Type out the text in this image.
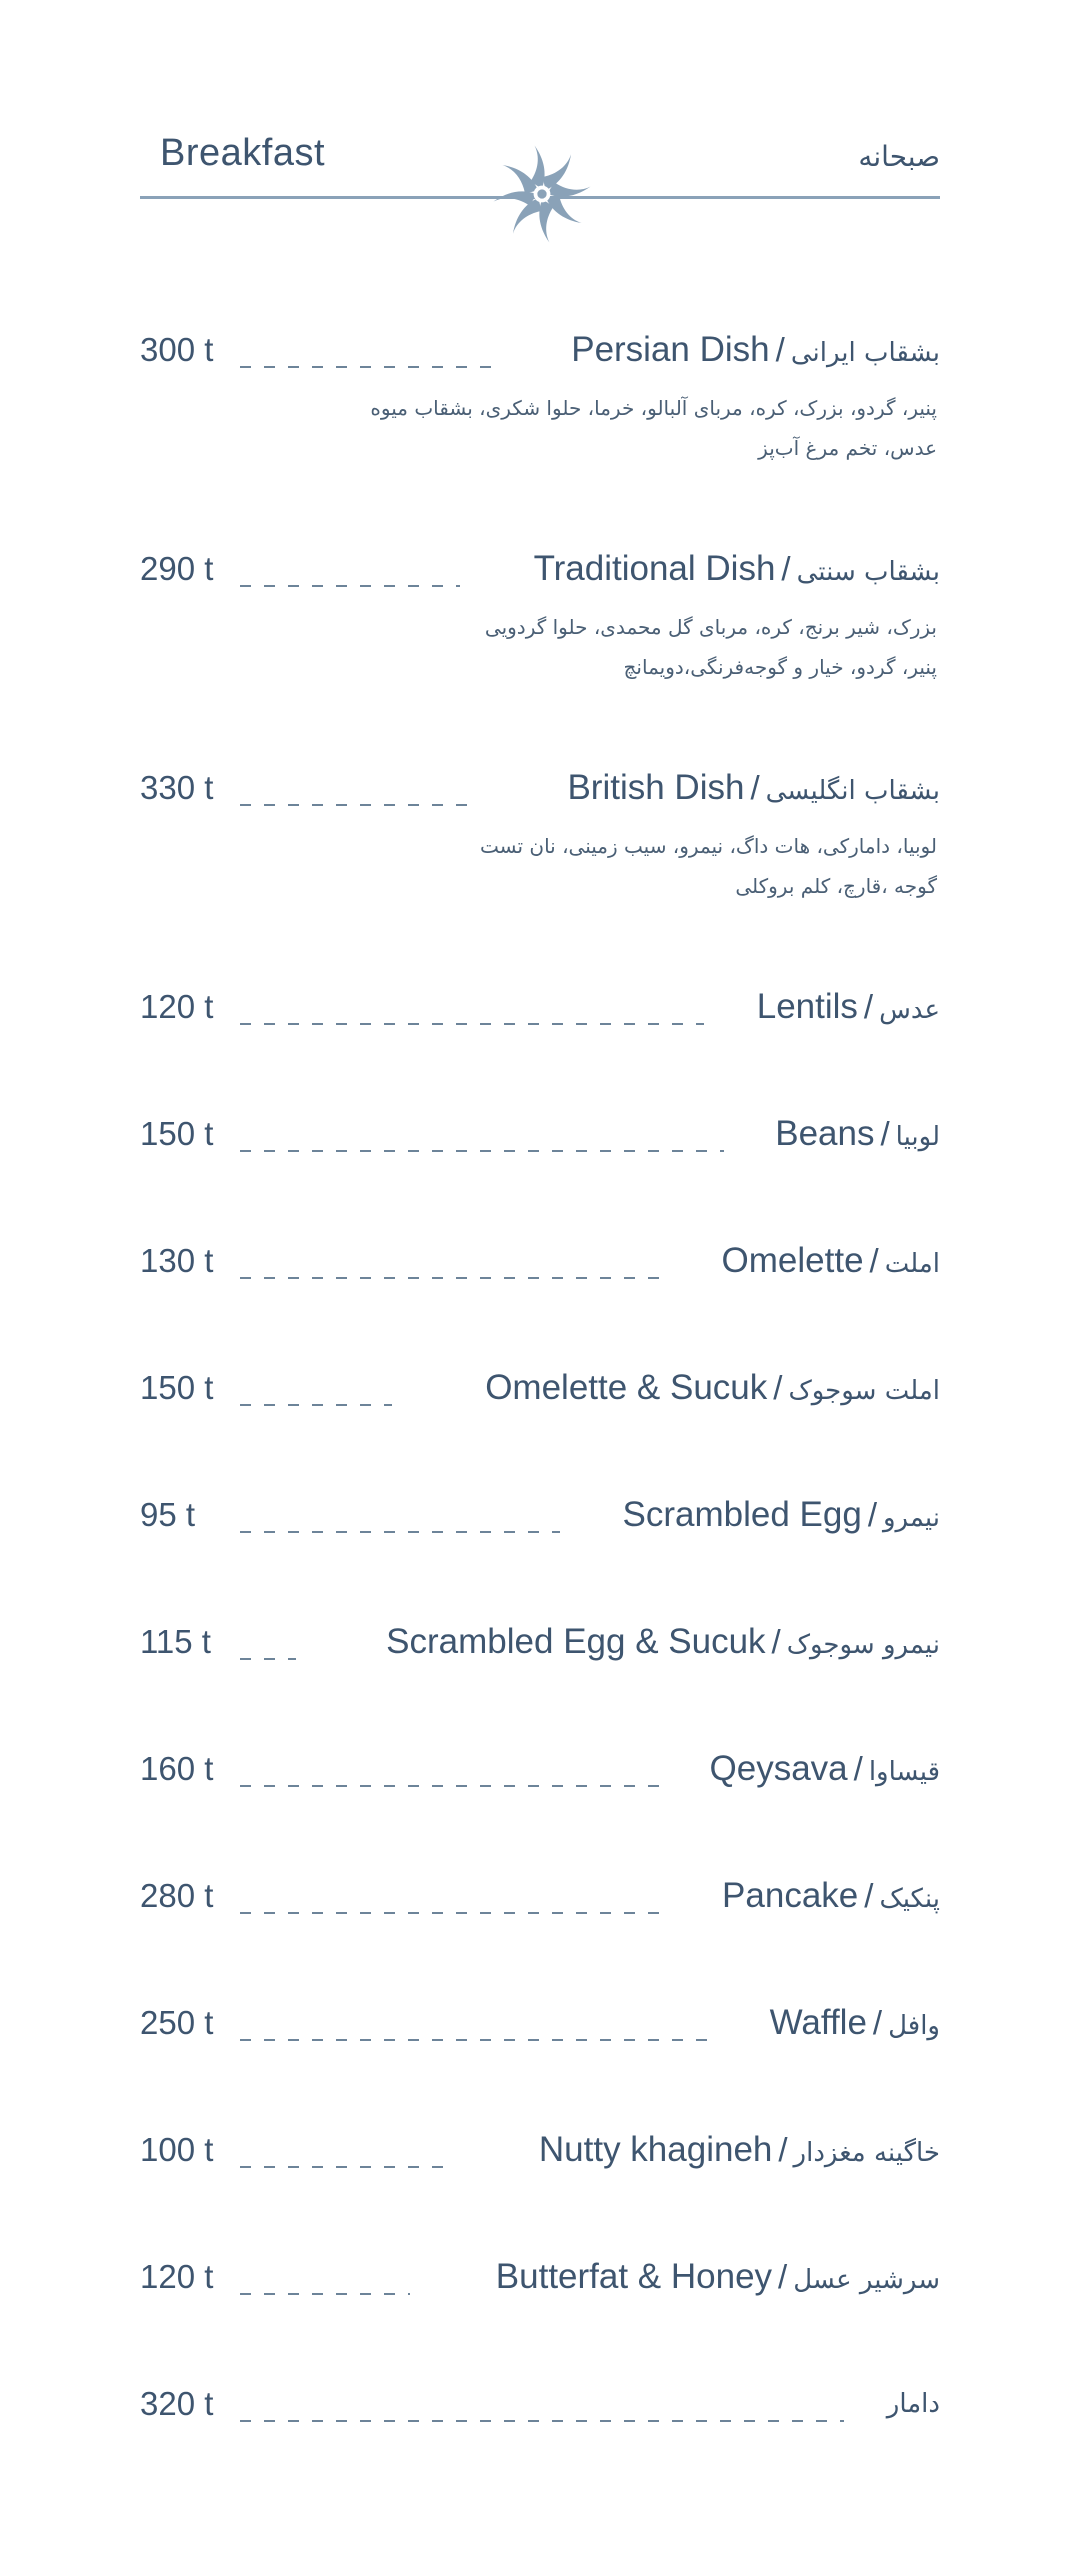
Breakfast	صبحانه
300 t	Persian Dish / بشقاب ایرانی
پنیر، گردو، بزرک، کره، مربای آلبالو، خرما، حلوا شکری، بشقاب میوه
عدس، تخم مرغ آب‌پز
290 t	Traditional Dish / بشقاب سنتی
بزرک، شیر برنج، کره، مربای گل محمدی، حلوا گردویی
پنیر، گردو، خیار و گوجه‌فرنگی،دویمانچ
330 t	British Dish / بشقاب انگلیسی
لوبیا، دامارکی، هات داگ، نیمرو، سیب زمینی، نان تست
گوجه ،قارچ، کلم بروکلی
120 t	Lentils / عدس
150 t	Beans / لوبیا
130 t	Omelette / املت
150 t	Omelette & Sucuk / املت سوجوک
95 t	Scrambled Egg / نیمرو
115 t	Scrambled Egg & Sucuk / نیمرو سوجوک
160 t	Qeysava / قیساوا
280 t	Pancake / پنکیک
250 t	Waffle / وافل
100 t	Nutty khagineh / خاگینه مغزدار
120 t	Butterfat & Honey / سرشیر عسل
320 t	دامار
